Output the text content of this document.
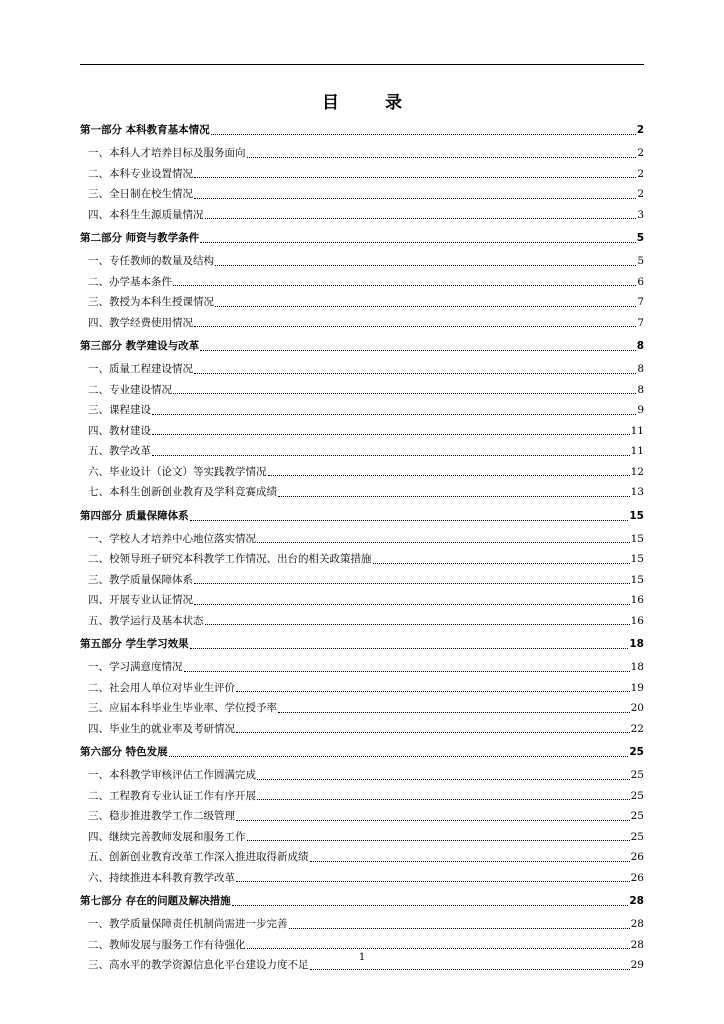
目 录
第一部分 本科教育基本情况	2
一、本科人才培养目标及服务面向	2
二、本科专业设置情况	2
三、全日制在校生情况	2
四、本科生生源质量情况	3
第二部分 师资与教学条件	5
一、专任教师的数量及结构	5
二、办学基本条件	6
三、教授为本科生授课情况	7
四、教学经费使用情况	7
第三部分 教学建设与改革	8
一、质量工程建设情况	8
二、专业建设情况	8
三、课程建设	9
四、教材建设	11
五、教学改革	11
六、毕业设计（论文）等实践教学情况	12
七、本科生创新创业教育及学科竞赛成绩	13
第四部分 质量保障体系	15
一、学校人才培养中心地位落实情况	15
二、校领导班子研究本科教学工作情况、出台的相关政策措施	15
三、教学质量保障体系	15
四、开展专业认证情况	16
五、教学运行及基本状态	16
第五部分 学生学习效果	18
一、学习满意度情况	18
二、社会用人单位对毕业生评价	19
三、应届本科毕业生毕业率、学位授予率	20
四、毕业生的就业率及考研情况	22
第六部分 特色发展	25
一、本科教学审核评估工作圆满完成	25
二、工程教育专业认证工作有序开展	25
三、稳步推进教学工作二级管理	25
四、继续完善教师发展和服务工作	25
五、创新创业教育改革工作深入推进取得新成绩	26
六、持续推进本科教育教学改革	26
第七部分 存在的问题及解决措施	28
一、教学质量保障责任机制尚需进一步完善	28
二、教师发展与服务工作有待强化	28
三、高水平的教学资源信息化平台建设力度不足	29
1
